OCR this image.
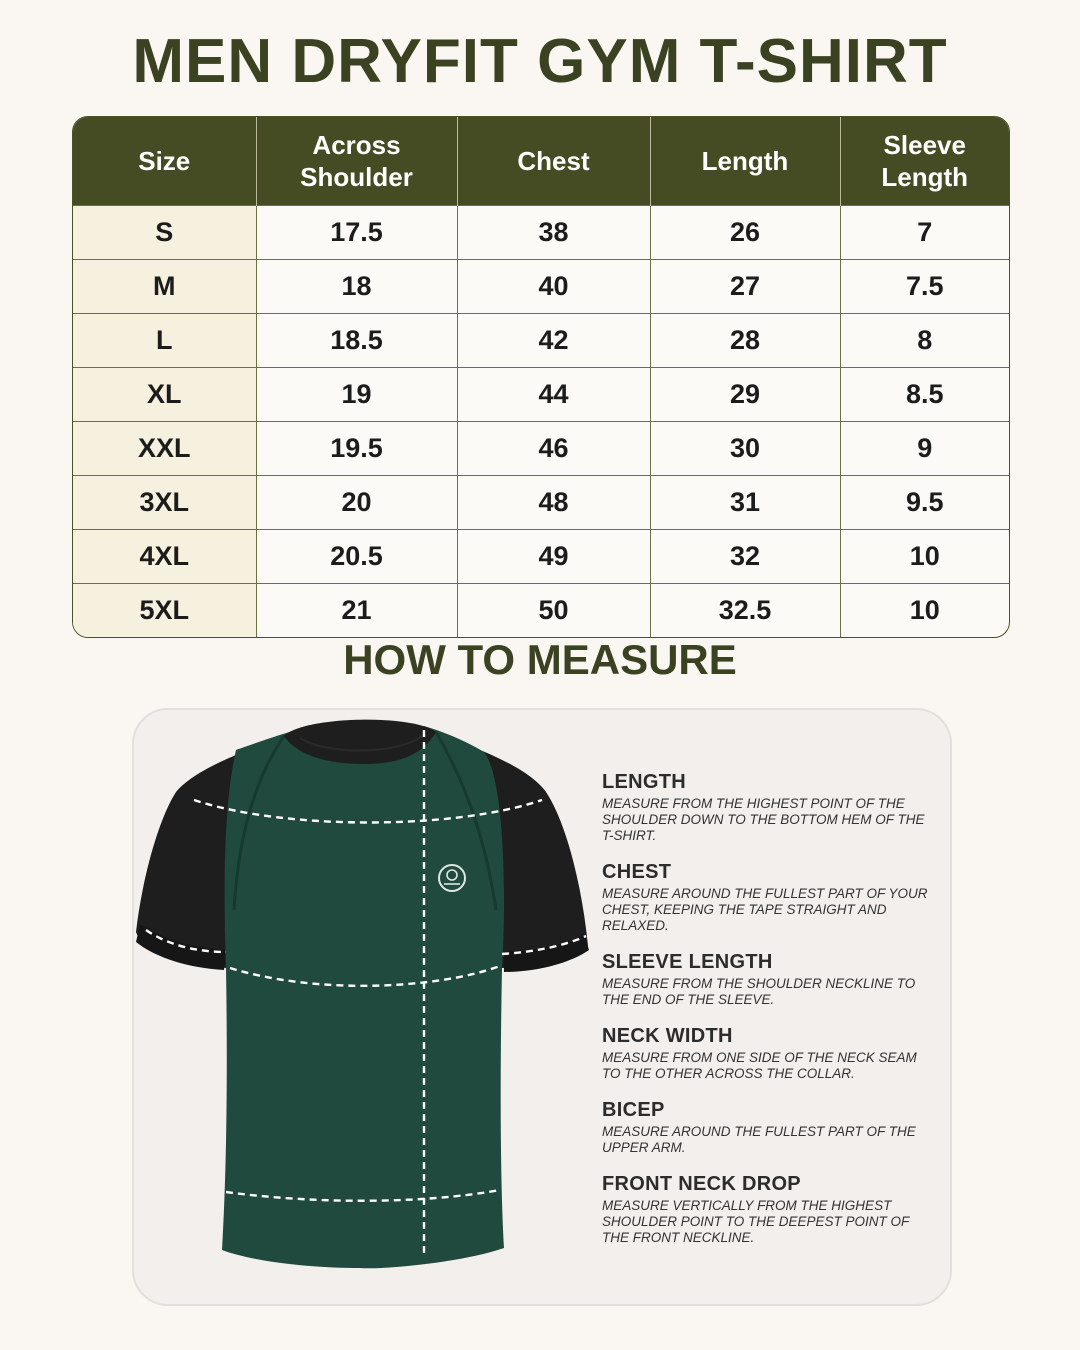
MEN DRYFIT GYM T-SHIRT
Size	Across Shoulder	Chest	Length	Sleeve Length
S	17.5	38	26	7
M	18	40	27	7.5
L	18.5	42	28	8
XL	19	44	29	8.5
XXL	19.5	46	30	9
3XL	20	48	31	9.5
4XL	20.5	49	32	10
5XL	21	50	32.5	10
HOW TO MEASURE
LENGTH

MEASURE FROM THE HIGHEST POINT OF THE SHOULDER DOWN TO THE BOTTOM HEM OF THE T-SHIRT.

CHEST

MEASURE AROUND THE FULLEST PART OF YOUR CHEST, KEEPING THE TAPE STRAIGHT AND RELAXED.

SLEEVE LENGTH

MEASURE FROM THE SHOULDER NECKLINE TO THE END OF THE SLEEVE.

NECK WIDTH

MEASURE FROM ONE SIDE OF THE NECK SEAM TO THE OTHER ACROSS THE COLLAR.

BICEP

MEASURE AROUND THE FULLEST PART OF THE UPPER ARM.

FRONT NECK DROP

MEASURE VERTICALLY FROM THE HIGHEST SHOULDER POINT TO THE DEEPEST POINT OF THE FRONT NECKLINE.
